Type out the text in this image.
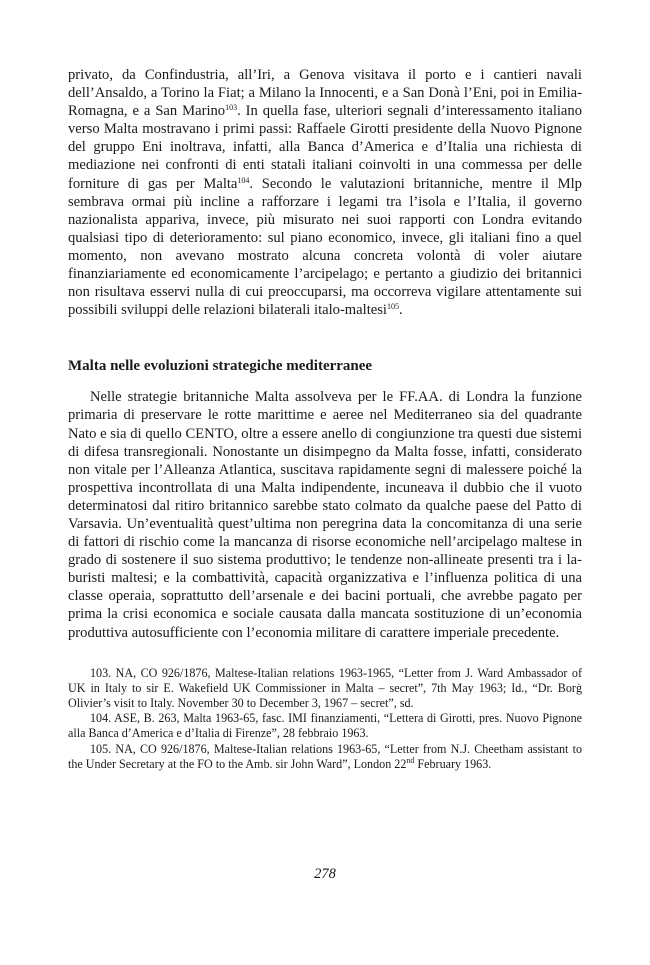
privato, da Confindustria, all’Iri, a Genova visitava il porto e i cantieri navali dell’Ansaldo, a Torino la Fiat; a Milano la Innocenti, e a San Donà l’Eni, poi in Emilia-Romagna, e a San Marino$^{103}$. In quella fase, ulteriori segnali d’interessamento italiano verso Malta mostravano i primi passi: Raffaele Girotti presidente della Nuovo Pignone del gruppo Eni inoltrava, infatti, alla Banca d’America e d’Italia una richiesta di mediazione nei confronti di enti statali italiani coinvolti in una commessa per delle forniture di gas per Malta$^{104}$. Secondo le valutazioni britanniche, mentre il Mlp sembrava ormai più incline a rafforzare i legami tra l’isola e l’Italia, il governo nazionalista appariva, invece, più misurato nei suoi rapporti con Londra evitando qualsiasi tipo di deterioramento: sul piano economico, invece, gli italiani fino a quel momento, non avevano mostrato alcuna concreta volontà di voler aiutare finanziariamente ed economicamente l’arcipelago; e pertanto a giudizio dei britannici non risultava esservi nulla di cui preoccuparsi, ma occorreva vigilare attentamente sui possibili sviluppi delle relazioni bilaterali italo-maltesi$^{105}$.

Malta nelle evoluzioni strategiche mediterranee

Nelle strategie britanniche Malta assolveva per le FF.AA. di Londra la funzione primaria di preservare le rotte marittime e aeree nel Mediterraneo sia del quadrante Nato e sia di quello CENTO, oltre a essere anello di congiunzione tra questi due sistemi di difesa transregionali. Nonostante un disimpegno da Malta fosse, infatti, considerato non vitale per l’Alleanza Atlantica, suscitava rapidamente segni di malessere poiché la prospettiva incontrollata di una Malta indipendente, incuneava il dubbio che il vuoto determinatosi dal ritiro britannico sarebbe stato colmato da qualche paese del Patto di Varsavia. Un’eventualità quest’ultima non peregrina data la concomitanza di una serie di fattori di rischio come la mancanza di risorse economiche nell’arcipelago maltese in grado di sostenere il suo sistema produttivo; le tendenze non-allineate presenti tra i laburisti maltesi; e la combattività, capacità organizzativa e l’influenza politica di una classe operaia, soprattutto dell’arsenale e dei bacini portuali, che avrebbe pagato per prima la crisi economica e sociale causata dalla mancata sostituzione di un’economia produttiva autosufficiente con l’economia militare di carattere imperiale precedente.

103. NA, CO 926/1876, Maltese-Italian relations 1963-1965, “Letter from J. Ward Ambassador of UK in Italy to sir E. Wakefield UK Commissioner in Malta – secret”, 7th May 1963; Id., “Dr. Borġ Olivier’s visit to Italy. November 30 to December 3, 1967 – secret”, sd.

104. ASE, B. 263, Malta 1963-65, fasc. IMI finanziamenti, “Lettera di Girotti, pres. Nuovo Pignone alla Banca d’America e d’Italia di Firenze”, 28 febbraio 1963.

105. NA, CO 926/1876, Maltese-Italian relations 1963-65, “Letter from N.J. Cheetham assistant to the Under Secretary at the FO to the Amb. sir John Ward”, London 22nd February 1963.

278
